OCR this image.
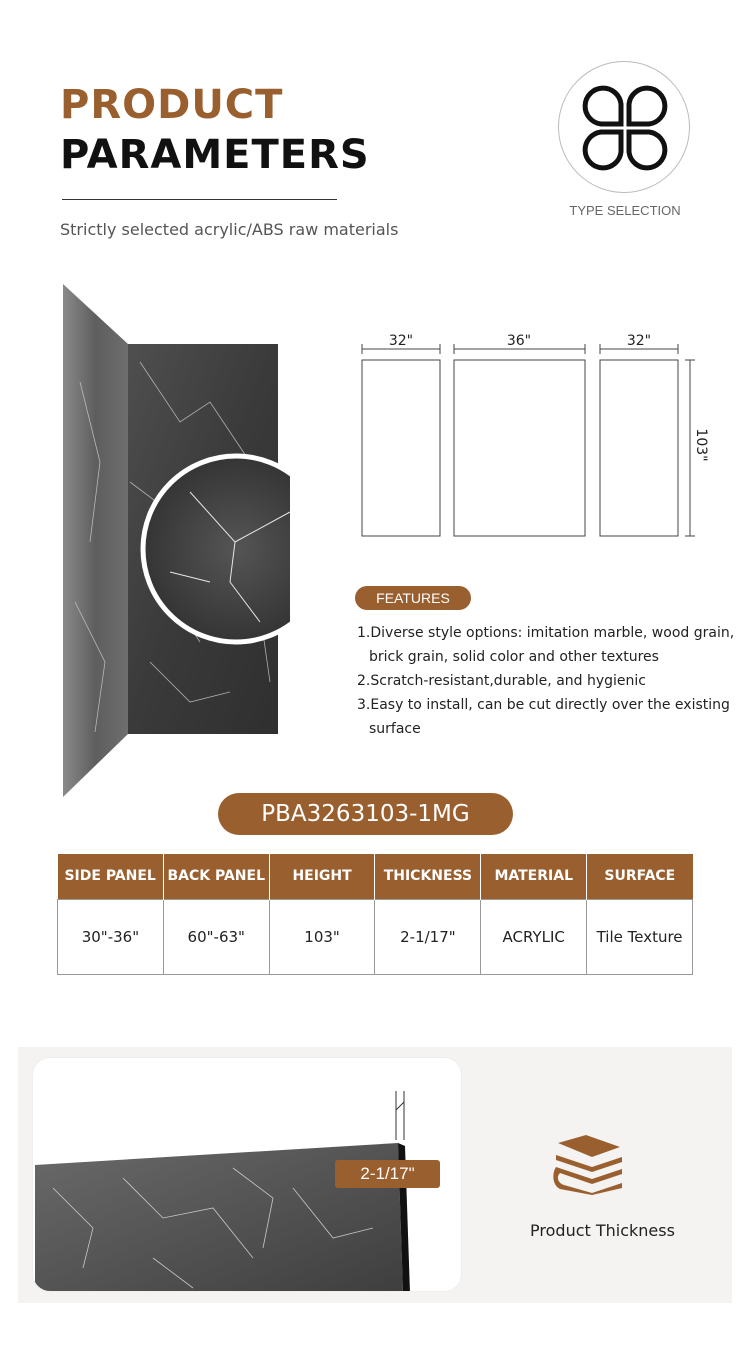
PRODUCT
PARAMETERS
Strictly selected acrylic/ABS raw materials
TYPE SELECTION
32"	36"	32"
103"
FEATURES
1.Diverse style options: imitation marble, wood grain, brick grain, solid color and other textures
2.Scratch-resistant,durable, and hygienic
3.Easy to install, can be cut directly over the existing surface
PBA3263103-1MG
SIDE PANEL	BACK PANEL	HEIGHT	THICKNESS	MATERIAL	SURFACE
30"-36"	60"-63"	103"	2-1/17"	ACRYLIC	Tile Texture
2-1/17"
Product Thickness
